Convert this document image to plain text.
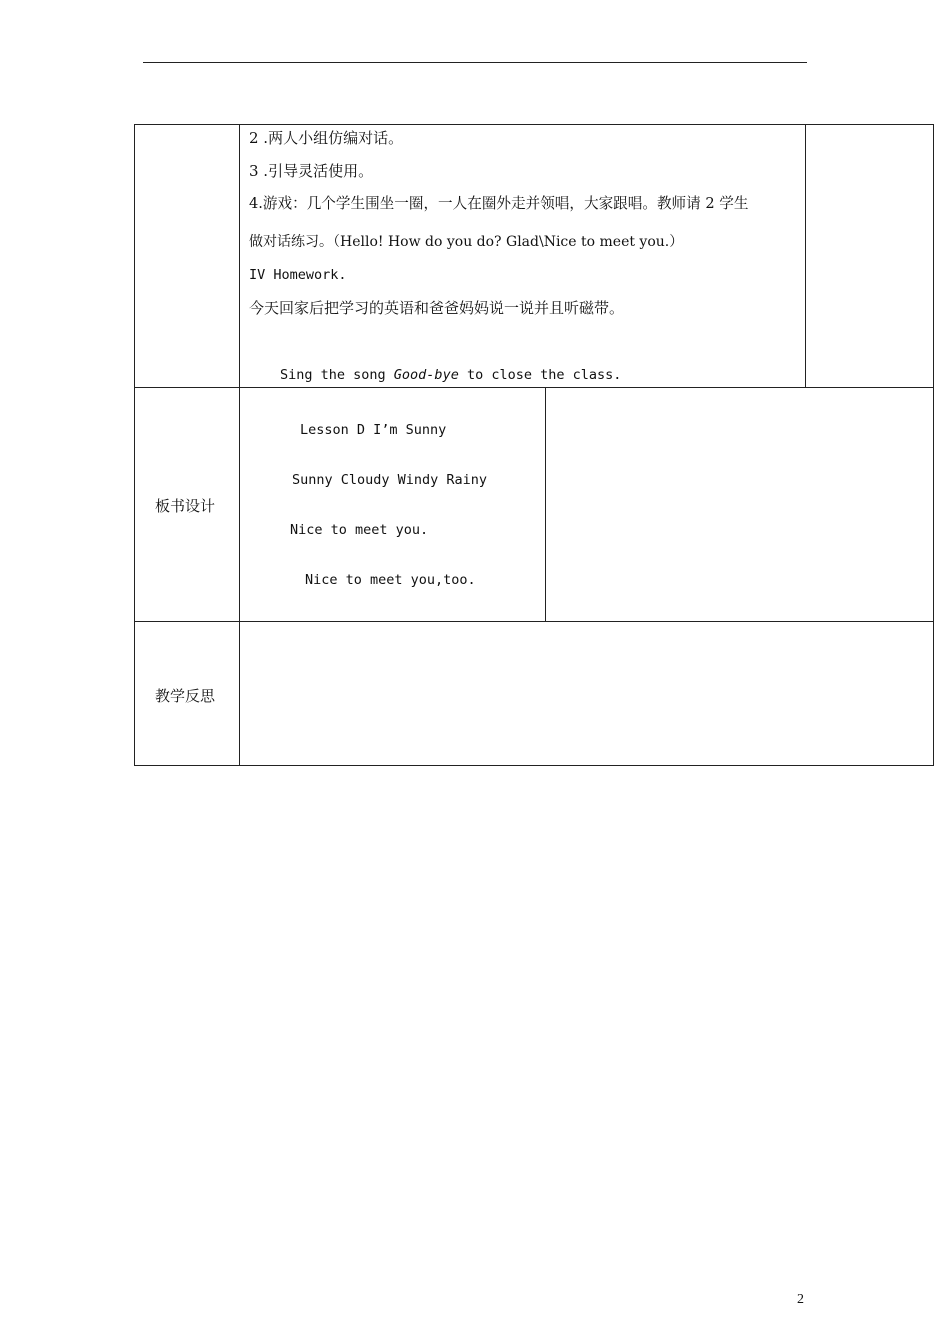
2 .两人小组仿编对话。
3 .引导灵活使用。
4.游戏：几个学生围坐一圈，一人在圈外走并领唱，大家跟唱。教师请 2 学生
做对话练习。（Hello! How do you do? Glad\Nice to meet you.）
IV Homework.
今天回家后把学习的英语和爸爸妈妈说一说并且听磁带。
Sing the song Good-bye to close the class.
板书设计
Lesson D I’m Sunny
Sunny Cloudy Windy Rainy
Nice to meet you.
Nice to meet you,too.
教学反思
2
